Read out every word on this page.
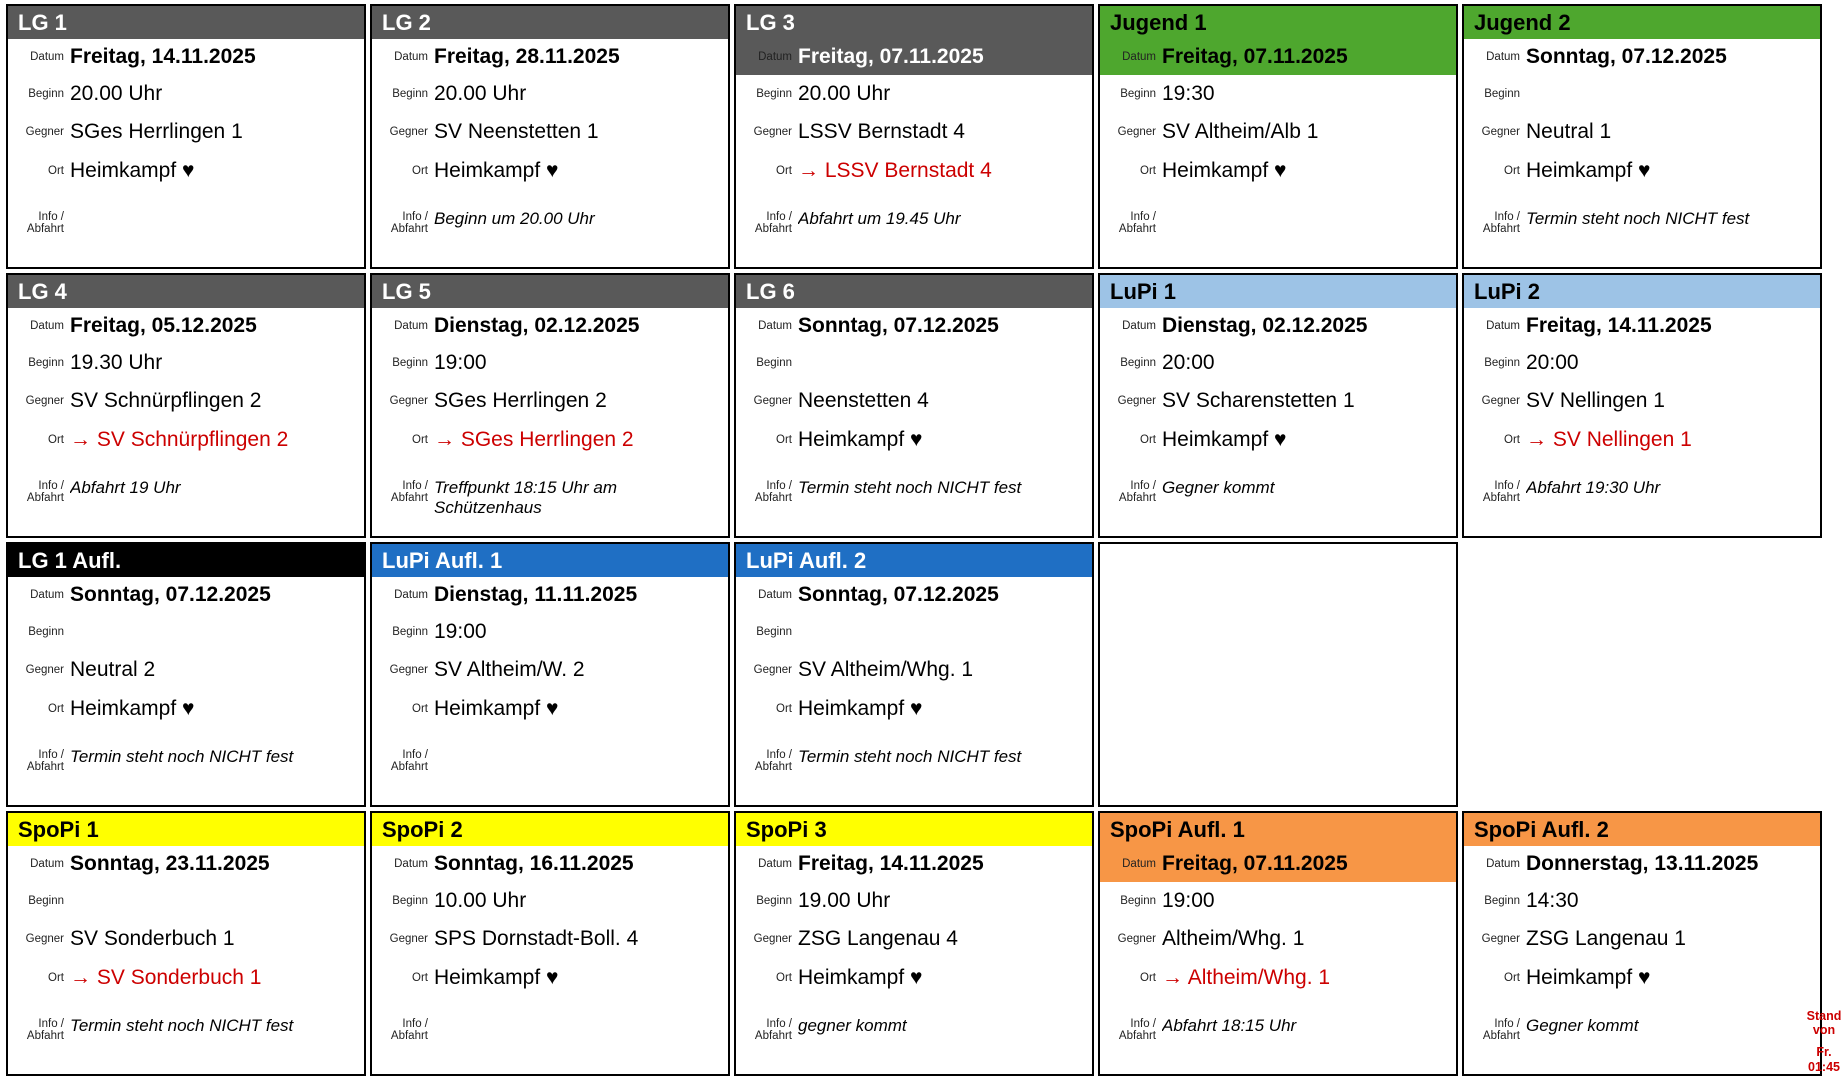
LG 1
Datum Freitag, 14.11.2025
Beginn 20.00 Uhr
Gegner SGes Herrlingen 1
Ort Heimkampf ♥
Info /
Abfahrt
LG 2
Datum Freitag, 28.11.2025
Beginn 20.00 Uhr
Gegner SV Neenstetten 1
Ort Heimkampf ♥
Info /
Abfahrt
Beginn um 20.00 Uhr
LG 3
Datum Freitag, 07.11.2025
Beginn 20.00 Uhr
Gegner LSSV Bernstadt 4
Ort → LSSV Bernstadt 4
Info /
Abfahrt
Abfahrt um 19.45 Uhr
Jugend 1
Datum Freitag, 07.11.2025
Beginn 19:30
Gegner SV Altheim/Alb 1
Ort Heimkampf ♥
Info /
Abfahrt
Jugend 2
Datum Sonntag, 07.12.2025
Beginn
Gegner Neutral 1
Ort Heimkampf ♥
Info /
Abfahrt
Termin steht noch NICHT fest
LG 4
Datum Freitag, 05.12.2025
Beginn 19.30 Uhr
Gegner SV Schnürpflingen 2
Ort → SV Schnürpflingen 2
Info /
Abfahrt
Abfahrt 19 Uhr
LG 5
Datum Dienstag, 02.12.2025
Beginn 19:00
Gegner SGes Herrlingen 2
Ort → SGes Herrlingen 2
Info /
Abfahrt
Treffpunkt 18:15 Uhr am Schützenhaus
LG 6
Datum Sonntag, 07.12.2025
Beginn
Gegner Neenstetten 4
Ort Heimkampf ♥
Info /
Abfahrt
Termin steht noch NICHT fest
LuPi 1
Datum Dienstag, 02.12.2025
Beginn 20:00
Gegner SV Scharenstetten 1
Ort Heimkampf ♥
Info /
Abfahrt
Gegner kommt
LuPi 2
Datum Freitag, 14.11.2025
Beginn 20:00
Gegner SV Nellingen 1
Ort → SV Nellingen 1
Info /
Abfahrt
Abfahrt 19:30 Uhr
LG 1 Aufl.
Datum Sonntag, 07.12.2025
Beginn
Gegner Neutral 2
Ort Heimkampf ♥
Info /
Abfahrt
Termin steht noch NICHT fest
LuPi Aufl. 1
Datum Dienstag, 11.11.2025
Beginn 19:00
Gegner SV Altheim/W. 2
Ort Heimkampf ♥
Info /
Abfahrt
LuPi Aufl. 2
Datum Sonntag, 07.12.2025
Beginn
Gegner SV Altheim/Whg. 1
Ort Heimkampf ♥
Info /
Abfahrt
Termin steht noch NICHT fest
SpoPi 1
Datum Sonntag, 23.11.2025
Beginn
Gegner SV Sonderbuch 1
Ort → SV Sonderbuch 1
Info /
Abfahrt
Termin steht noch NICHT fest
SpoPi 2
Datum Sonntag, 16.11.2025
Beginn 10.00 Uhr
Gegner SPS Dornstadt-Boll. 4
Ort Heimkampf ♥
Info /
Abfahrt
SpoPi 3
Datum Freitag, 14.11.2025
Beginn 19.00 Uhr
Gegner ZSG Langenau 4
Ort Heimkampf ♥
Info /
Abfahrt
gegner kommt
SpoPi Aufl. 1
Datum Freitag, 07.11.2025
Beginn 19:00
Gegner Altheim/Whg. 1
Ort → Altheim/Whg. 1
Info /
Abfahrt
Abfahrt 18:15 Uhr
SpoPi Aufl. 2
Datum Donnerstag, 13.11.2025
Beginn 14:30
Gegner ZSG Langenau 1
Ort Heimkampf ♥
Info /
Abfahrt
Gegner kommt
Stand von
Fr. 01:45
